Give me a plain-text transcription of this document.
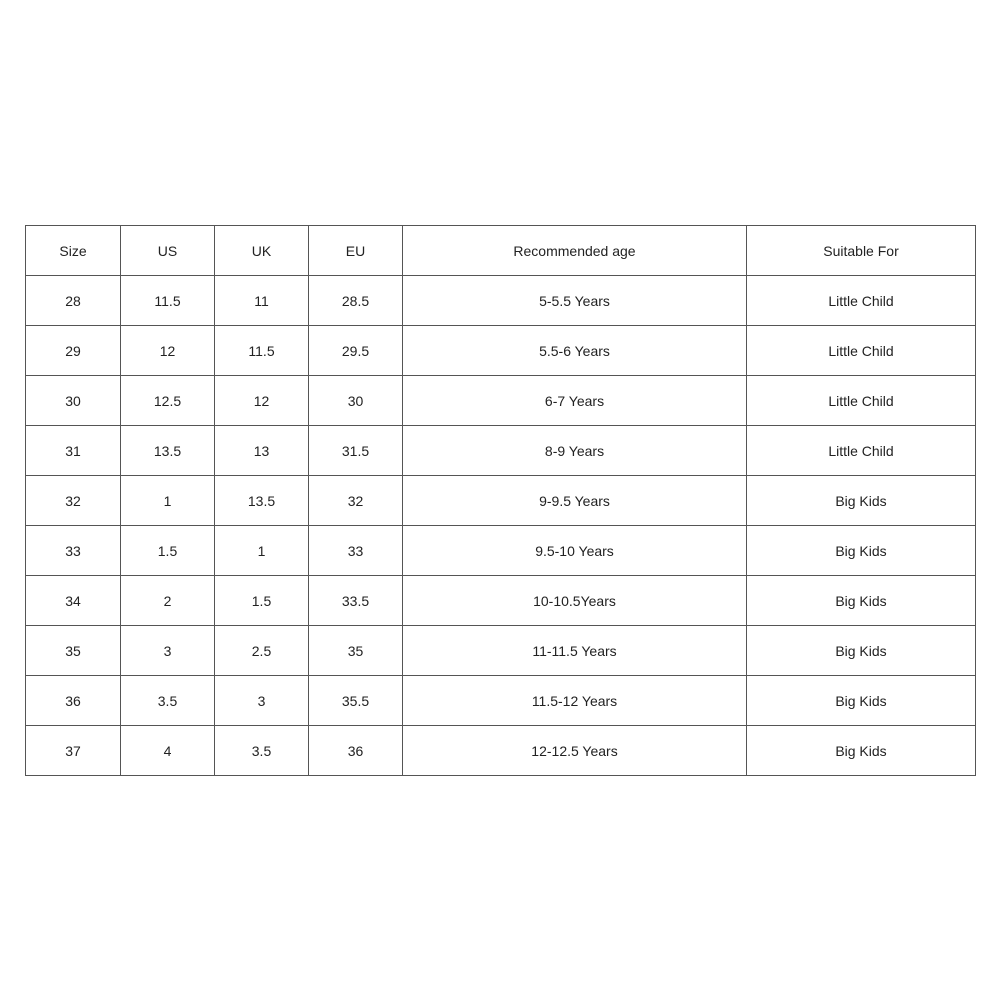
Size	US	UK	EU	Recommended age	Suitable For
28	11.5	11	28.5	5-5.5 Years	Little Child
29	12	11.5	29.5	5.5-6 Years	Little Child
30	12.5	12	30	6-7 Years	Little Child
31	13.5	13	31.5	8-9 Years	Little Child
32	1	13.5	32	9-9.5 Years	Big Kids
33	1.5	1	33	9.5-10 Years	Big Kids
34	2	1.5	33.5	10-10.5Years	Big Kids
35	3	2.5	35	11-11.5 Years	Big Kids
36	3.5	3	35.5	11.5-12 Years	Big Kids
37	4	3.5	36	12-12.5 Years	Big Kids
